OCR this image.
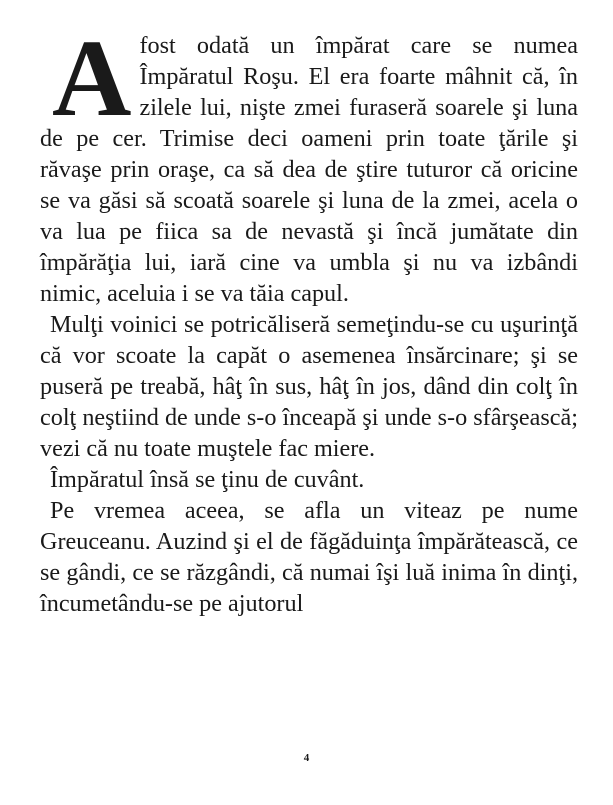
A fost odată un împărat care se numea Împăratul Roşu. El era foarte mâhnit că, în zilele lui, nişte zmei furaseră soarele şi luna de pe cer. Trimise deci oameni prin toate ţările şi răvaşe prin oraşe, ca să dea de ştire tuturor că oricine se va găsi să scoată soarele şi luna de la zmei, acela o va lua pe fiica sa de nevastă şi încă jumătate din împărăţia lui, iară cine va umbla şi nu va izbândi nimic, aceluia i se va tăia capul.

Mulţi voinici se potricăliseră semeţindu-se cu uşurinţă că vor scoate la capăt o asemenea însărcinare; şi se puseră pe treabă, hâţ în sus, hâţ în jos, dând din colţ în colţ neştiind de unde s-o înceapă şi unde s-o sfârşească; vezi că nu toate muştele fac miere.

Împăratul însă se ţinu de cuvânt.

Pe vremea aceea, se afla un viteaz pe nume Greuceanu. Auzind şi el de făgăduinţa împărătească, ce se gândi, ce se răzgândi, că numai îşi luă inima în dinţi, încumetându-se pe ajutorul

4
